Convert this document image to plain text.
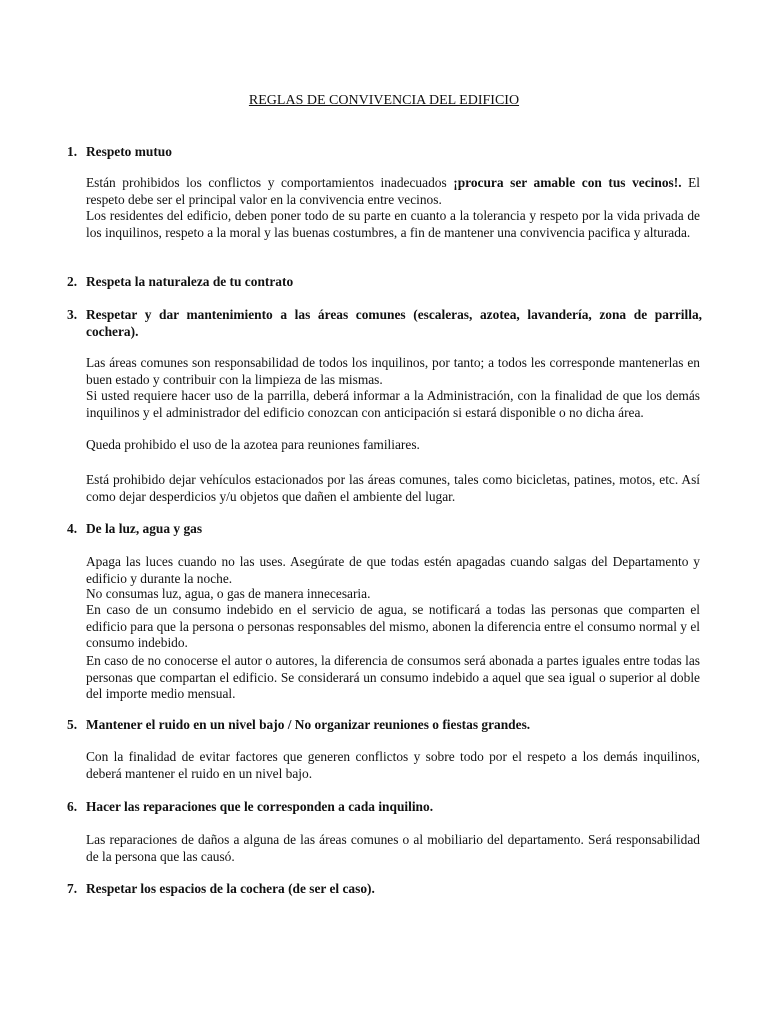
REGLAS DE CONVIVENCIA DEL EDIFICIO
1. Respeto mutuo

Están prohibidos los conflictos y comportamientos inadecuados ¡procura ser amable con tus vecinos!. El respeto debe ser el principal valor en la convivencia entre vecinos.

Los residentes del edificio, deben poner todo de su parte en cuanto a la tolerancia y respeto por la vida privada de los inquilinos, respeto a la moral y las buenas costumbres, a fin de mantener una convivencia pacifica y alturada.

2. Respeta la naturaleza de tu contrato
3. Respetar y dar mantenimiento a las áreas comunes (escaleras, azotea, lavandería, zona de parrilla, cochera).

Las áreas comunes son responsabilidad de todos los inquilinos, por tanto; a todos les corresponde mantenerlas en buen estado y contribuir con la limpieza de las mismas.

Si usted requiere hacer uso de la parrilla, deberá informar a la Administración, con la finalidad de que los demás inquilinos y el administrador del edificio conozcan con anticipación si estará disponible o no dicha área.

Queda prohibido el uso de la azotea para reuniones familiares.

Está prohibido dejar vehículos estacionados por las áreas comunes, tales como bicicletas, patines, motos, etc. Así como dejar desperdicios y/u objetos que dañen el ambiente del lugar.

4. De la luz, agua y gas

Apaga las luces cuando no las uses. Asegúrate de que todas estén apagadas cuando salgas del Departamento y edificio y durante la noche.

No consumas luz, agua, o gas de manera innecesaria.

En caso de un consumo indebido en el servicio de agua, se notificará a todas las personas que comparten el edificio para que la persona o personas responsables del mismo, abonen la diferencia entre el consumo normal y el consumo indebido.

En caso de no conocerse el autor o autores, la diferencia de consumos será abonada a partes iguales entre todas las personas que compartan el edificio. Se considerará un consumo indebido a aquel que sea igual o superior al doble del importe medio mensual.

5. Mantener el ruido en un nivel bajo / No organizar reuniones o fiestas grandes.

Con la finalidad de evitar factores que generen conflictos y sobre todo por el respeto a los demás inquilinos, deberá mantener el ruido en un nivel bajo.

6. Hacer las reparaciones que le corresponden a cada inquilino.

Las reparaciones de daños a alguna de las áreas comunes o al mobiliario del departamento. Será responsabilidad de la persona que las causó.

7. Respetar los espacios de la cochera (de ser el caso).
